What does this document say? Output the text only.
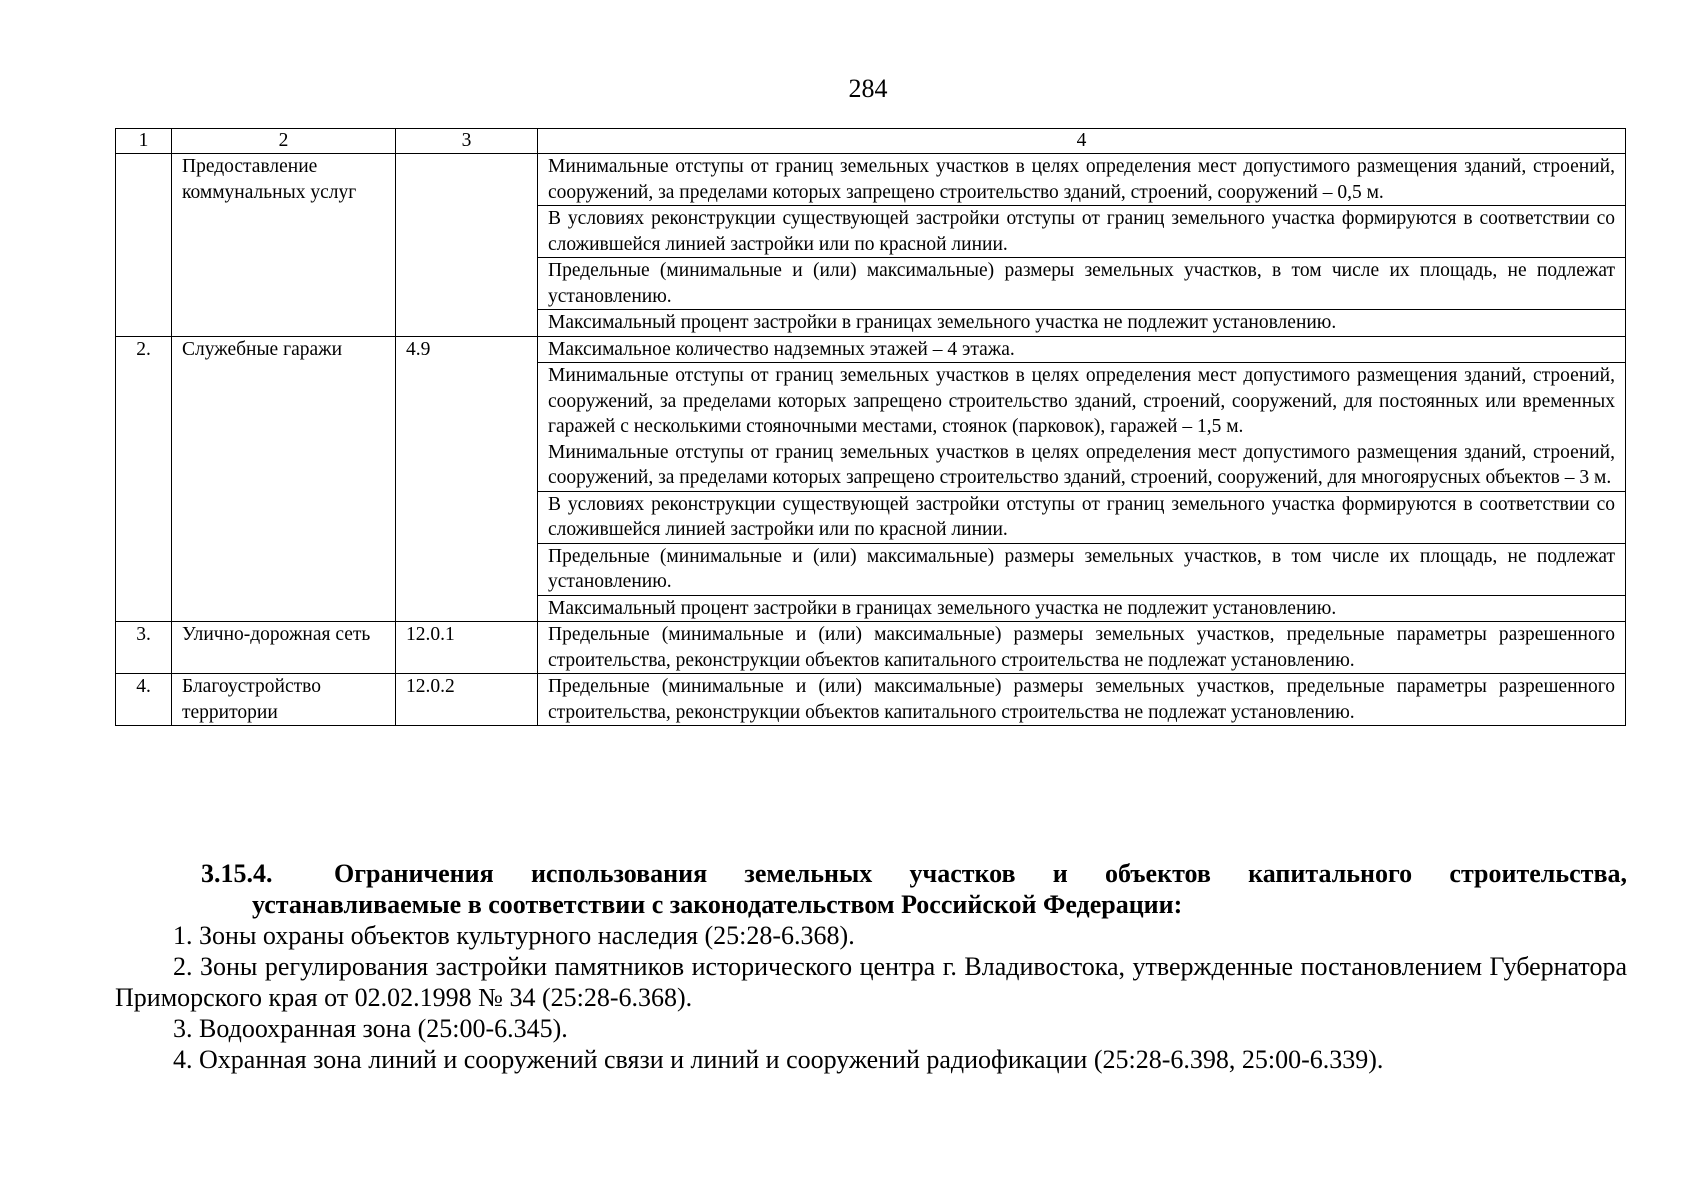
284
1	2	3	4
	Предоставление коммунальных услуг		Минимальные отступы от границ земельных участков в целях определения мест допустимого размещения зданий, строений, сооружений, за пределами которых запрещено строительство зданий, строений, сооружений – 0,5 м.
			В условиях реконструкции существующей застройки отступы от границ земельного участка формируются в соответствии со сложившейся линией застройки или по красной линии.
			Предельные (минимальные и (или) максимальные) размеры земельных участков, в том числе их площадь, не подлежат установлению.
			Максимальный процент застройки в границах земельного участка не подлежит установлению.
2.	Служебные гаражи	4.9	Максимальное количество надземных этажей – 4 этажа.

			Минимальные отступы от границ земельных участков в целях определения мест допустимого размещения зданий, строений, сооружений, за пределами которых запрещено строительство зданий, строений, сооружений, для постоянных или временных гаражей с несколькими стояночными местами, стоянок (парковок), гаражей – 1,5 м.
Минимальные отступы от границ земельных участков в целях определения мест допустимого размещения зданий, строений, сооружений, за пределами которых запрещено строительство зданий, строений, сооружений, для многоярусных объектов – 3 м.

			В условиях реконструкции существующей застройки отступы от границ земельного участка формируются в соответствии со сложившейся линией застройки или по красной линии.
			Предельные (минимальные и (или) максимальные) размеры земельных участков, в том числе их площадь, не подлежат установлению.
			Максимальный процент застройки в границах земельного участка не подлежит установлению.
3.	Улично-дорожная сеть	12.0.1	Предельные (минимальные и (или) максимальные) размеры земельных участков, предельные параметры разрешенного строительства, реконструкции объектов капитального строительства не подлежат установлению.
4.	Благоустройство территории	12.0.2	Предельные (минимальные и (или) максимальные) размеры земельных участков, предельные параметры разрешенного строительства, реконструкции объектов капитального строительства не подлежат установлению.
3.15.4. Ограничения использования земельных участков и объектов капитального строительства,
устанавливаемые в соответствии с законодательством Российской Федерации:
1. Зоны охраны объектов культурного наследия (25:28-6.368).
2. Зоны регулирования застройки памятников исторического центра г. Владивостока, утвержденные постановлением Губернатора Приморского края от 02.02.1998 № 34 (25:28-6.368).
3. Водоохранная зона (25:00-6.345).
4. Охранная зона линий и сооружений связи и линий и сооружений радиофикации (25:28-6.398, 25:00-6.339).
